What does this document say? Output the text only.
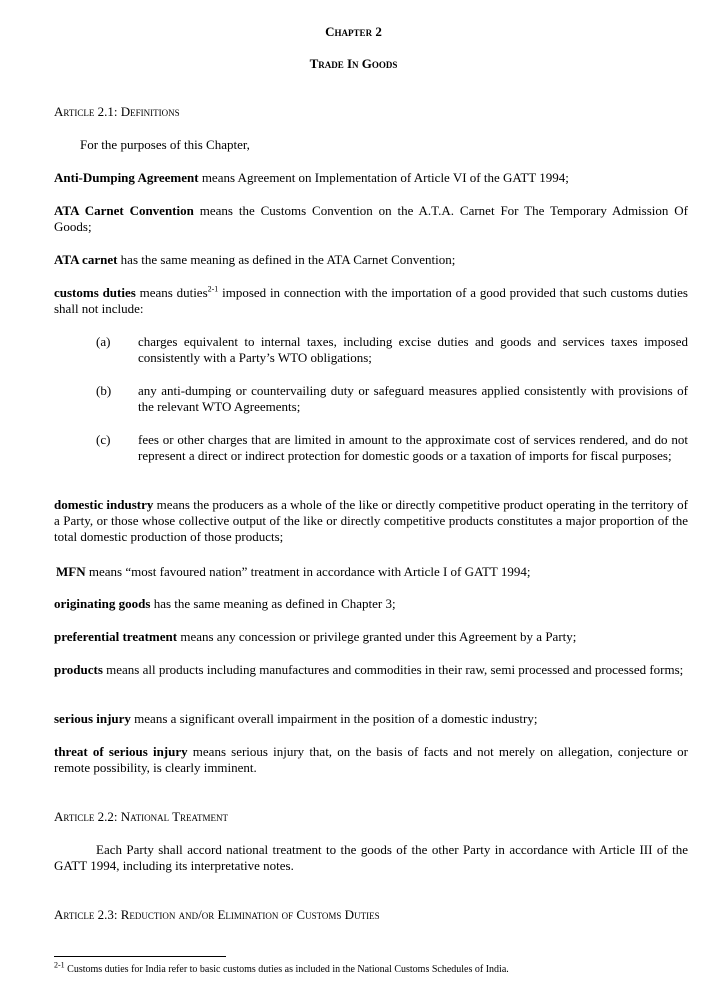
Chapter 2
Trade In Goods
Article 2.1: Definitions
For the purposes of this Chapter,
Anti-Dumping Agreement means Agreement on Implementation of Article VI of the GATT 1994;
ATA Carnet Convention means the Customs Convention on the A.T.A. Carnet For The Temporary Admission Of Goods;
ATA carnet has the same meaning as defined in the ATA Carnet Convention;
customs duties means duties$^{2-1}$ imposed in connection with the importation of a good provided that such customs duties shall not include:
(a)	charges equivalent to internal taxes, including excise duties and goods and services taxes imposed consistently with a Party’s WTO obligations;
(b)	any anti-dumping or countervailing duty or safeguard measures applied consistently with provisions of the relevant WTO Agreements;
(c)	fees or other charges that are limited in amount to the approximate cost of services rendered, and do not represent a direct or indirect protection for domestic goods or a taxation of imports for fiscal purposes;
domestic industry means the producers as a whole of the like or directly competitive product operating in the territory of a Party, or those whose collective output of the like or directly competitive products constitutes a major proportion of the total domestic production of those products;
MFN means “most favoured nation” treatment in accordance with Article I of GATT 1994;
originating goods has the same meaning as defined in Chapter 3;
preferential treatment means any concession or privilege granted under this Agreement by a Party;
products means all products including manufactures and commodities in their raw, semi processed and processed forms;
serious injury means a significant overall impairment in the position of a domestic industry;
threat of serious injury means serious injury that, on the basis of facts and not merely on allegation, conjecture or remote possibility, is clearly imminent.
Article 2.2: National Treatment
Each Party shall accord national treatment to the goods of the other Party in accordance with Article III of the GATT 1994, including its interpretative notes.
Article 2.3: Reduction and/or Elimination of Customs Duties
$^{2-1}$ Customs duties for India refer to basic customs duties as included in the National Customs Schedules of India.
